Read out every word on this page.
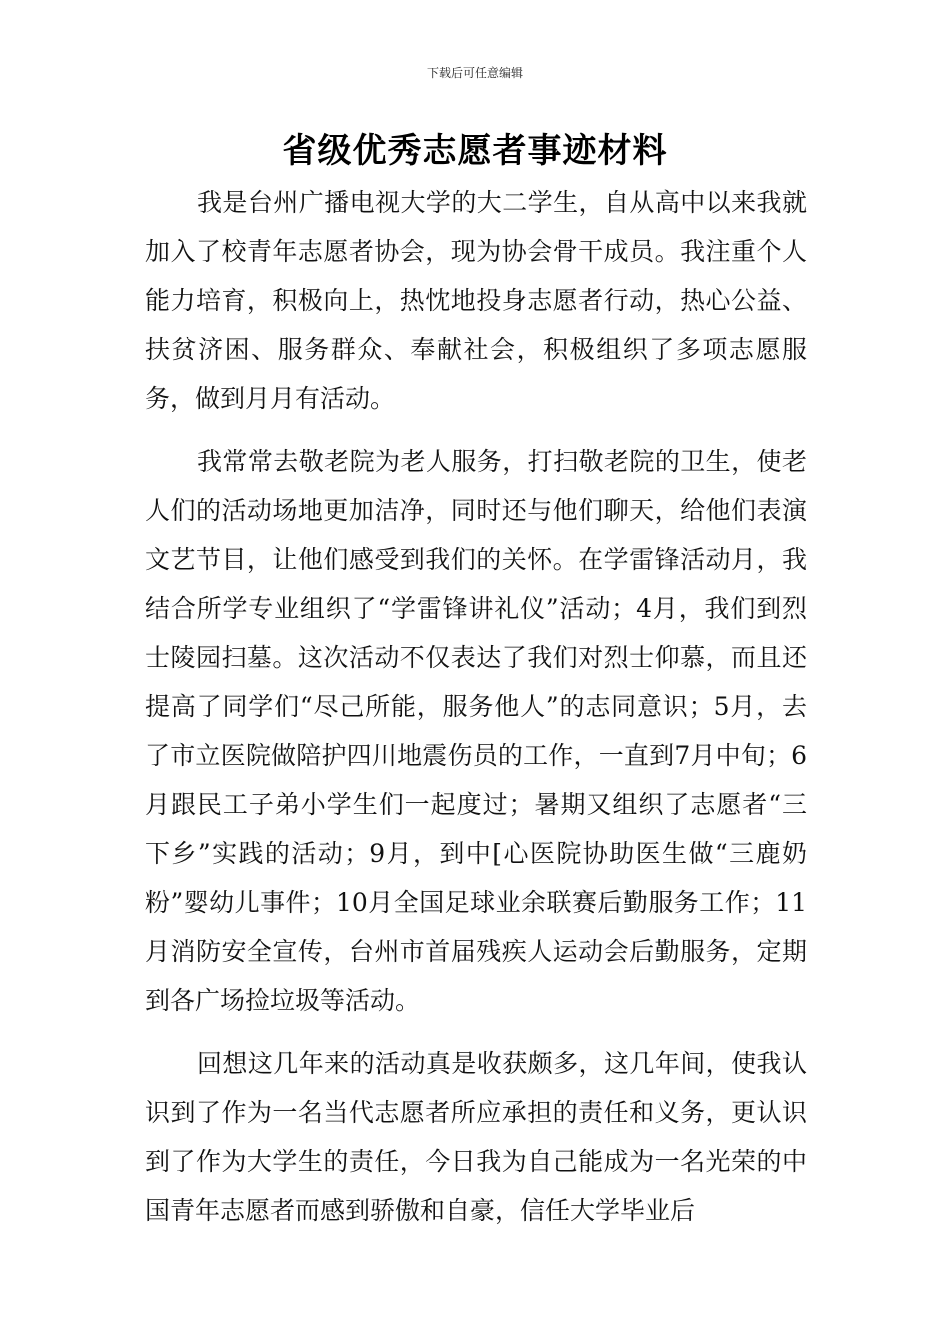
下载后可任意编辑
省级优秀志愿者事迹材料

我是台州广播电视大学的大二学生，自从高中以来我就加入了校青年志愿者协会，现为协会骨干成员。我注重个人能力培育，积极向上，热忱地投身志愿者行动，热心公益、扶贫济困、服务群众、奉献社会，积极组织了多项志愿服务，做到月月有活动。

我常常去敬老院为老人服务，打扫敬老院的卫生，使老人们的活动场地更加洁净，同时还与他们聊天，给他们表演文艺节目，让他们感受到我们的关怀。在学雷锋活动月，我结合所学专业组织了“学雷锋讲礼仪”活动；4月，我们到烈士陵园扫墓。这次活动不仅表达了我们对烈士仰慕，而且还提高了同学们“尽己所能，服务他人”的志同意识；5月，去了市立医院做陪护四川地震伤员的工作，一直到7月中旬；6月跟民工子弟小学生们一起度过；暑期又组织了志愿者“三下乡”实践的活动；9月，到中[心医院协助医生做“三鹿奶粉”婴幼儿事件；10月全国足球业余联赛后勤服务工作；11月消防安全宣传，台州市首届残疾人运动会后勤服务，定期到各广场捡垃圾等活动。

回想这几年来的活动真是收获颇多，这几年间，使我认识到了作为一名当代志愿者所应承担的责任和义务，更认识到了作为大学生的责任，今日我为自己能成为一名光荣的中国青年志愿者而感到骄傲和自豪，信任大学毕业后
